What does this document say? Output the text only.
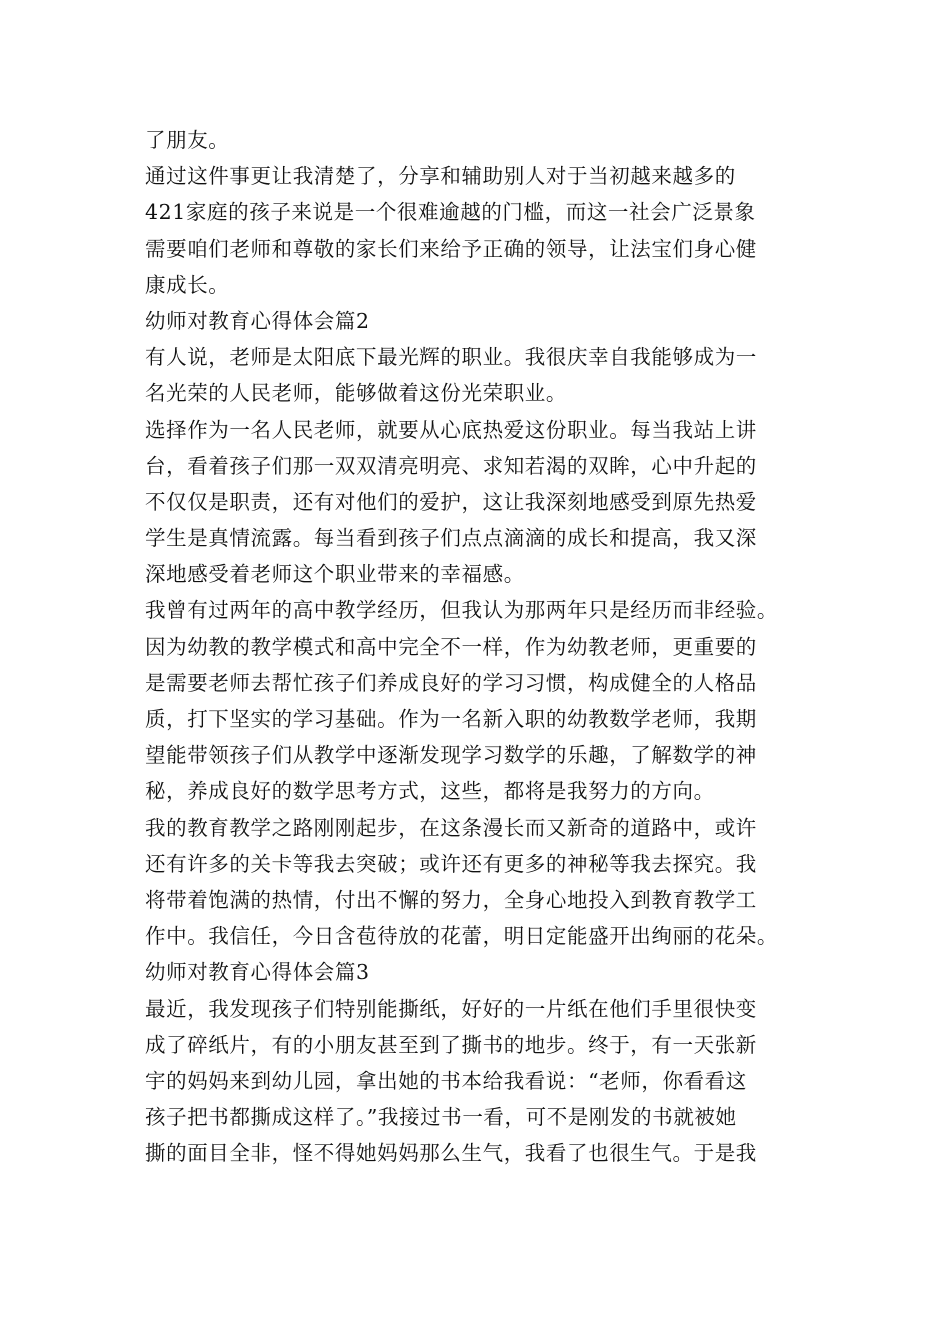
了朋友。
通过这件事更让我清楚了，分享和辅助别人对于当初越来越多的
421家庭的孩子来说是一个很难逾越的门槛，而这一社会广泛景象
需要咱们老师和尊敬的家长们来给予正确的领导，让法宝们身心健
康成长。
幼师对教育心得体会篇2
有人说，老师是太阳底下最光辉的职业。我很庆幸自我能够成为一
名光荣的人民老师，能够做着这份光荣职业。
选择作为一名人民老师，就要从心底热爱这份职业。每当我站上讲
台，看着孩子们那一双双清亮明亮、求知若渴的双眸，心中升起的
不仅仅是职责，还有对他们的爱护，这让我深刻地感受到原先热爱
学生是真情流露。每当看到孩子们点点滴滴的成长和提高，我又深
深地感受着老师这个职业带来的幸福感。
我曾有过两年的高中教学经历，但我认为那两年只是经历而非经验。
因为幼教的教学模式和高中完全不一样，作为幼教老师，更重要的
是需要老师去帮忙孩子们养成良好的学习习惯，构成健全的人格品
质，打下坚实的学习基础。作为一名新入职的幼教数学老师，我期
望能带领孩子们从教学中逐渐发现学习数学的乐趣，了解数学的神
秘，养成良好的数学思考方式，这些，都将是我努力的方向。
我的教育教学之路刚刚起步，在这条漫长而又新奇的道路中，或许
还有许多的关卡等我去突破；或许还有更多的神秘等我去探究。我
将带着饱满的热情，付出不懈的努力，全身心地投入到教育教学工
作中。我信任，今日含苞待放的花蕾，明日定能盛开出绚丽的花朵。
幼师对教育心得体会篇3
最近，我发现孩子们特别能撕纸，好好的一片纸在他们手里很快变
成了碎纸片，有的小朋友甚至到了撕书的地步。终于，有一天张新
宇的妈妈来到幼儿园，拿出她的书本给我看说：“老师，你看看这
孩子把书都撕成这样了。”我接过书一看，可不是刚发的书就被她
撕的面目全非，怪不得她妈妈那么生气，我看了也很生气。于是我
